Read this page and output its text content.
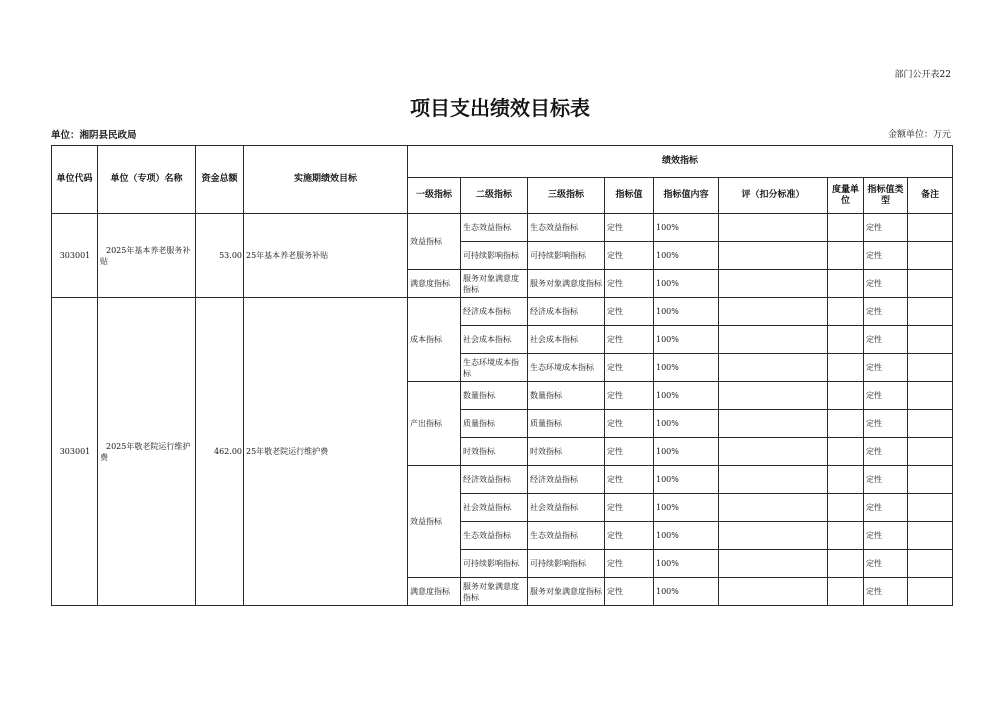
部门公开表22
项目支出绩效目标表
单位：湘阴县民政局	金额单位：万元
单位代码	单位（专项）名称	资金总额	实施期绩效目标	绩效指标								
				一级指标	二级指标	三级指标	指标值	指标值内容	评（扣分标准）	度量单位	指标值类型	备注
303001	2025年基本养老服务补贴	53.00	25年基本养老服务补贴	效益指标	生态效益指标	生态效益指标	定性	100%			定性	
					可持续影响指标	可持续影响指标	定性	100%			定性	
				满意度指标	服务对象满意度指标	服务对象满意度指标	定性	100%			定性	
303001	2025年敬老院运行维护费	462.00	25年敬老院运行维护费	成本指标	经济成本指标	经济成本指标	定性	100%			定性	
					社会成本指标	社会成本指标	定性	100%			定性	
					生态环境成本指标	生态环境成本指标	定性	100%			定性	
				产出指标	数量指标	数量指标	定性	100%			定性	
					质量指标	质量指标	定性	100%			定性	
					时效指标	时效指标	定性	100%			定性	
				效益指标	经济效益指标	经济效益指标	定性	100%			定性	
					社会效益指标	社会效益指标	定性	100%			定性	
					生态效益指标	生态效益指标	定性	100%			定性	
					可持续影响指标	可持续影响指标	定性	100%			定性	
				满意度指标	服务对象满意度指标	服务对象满意度指标	定性	100%			定性	
